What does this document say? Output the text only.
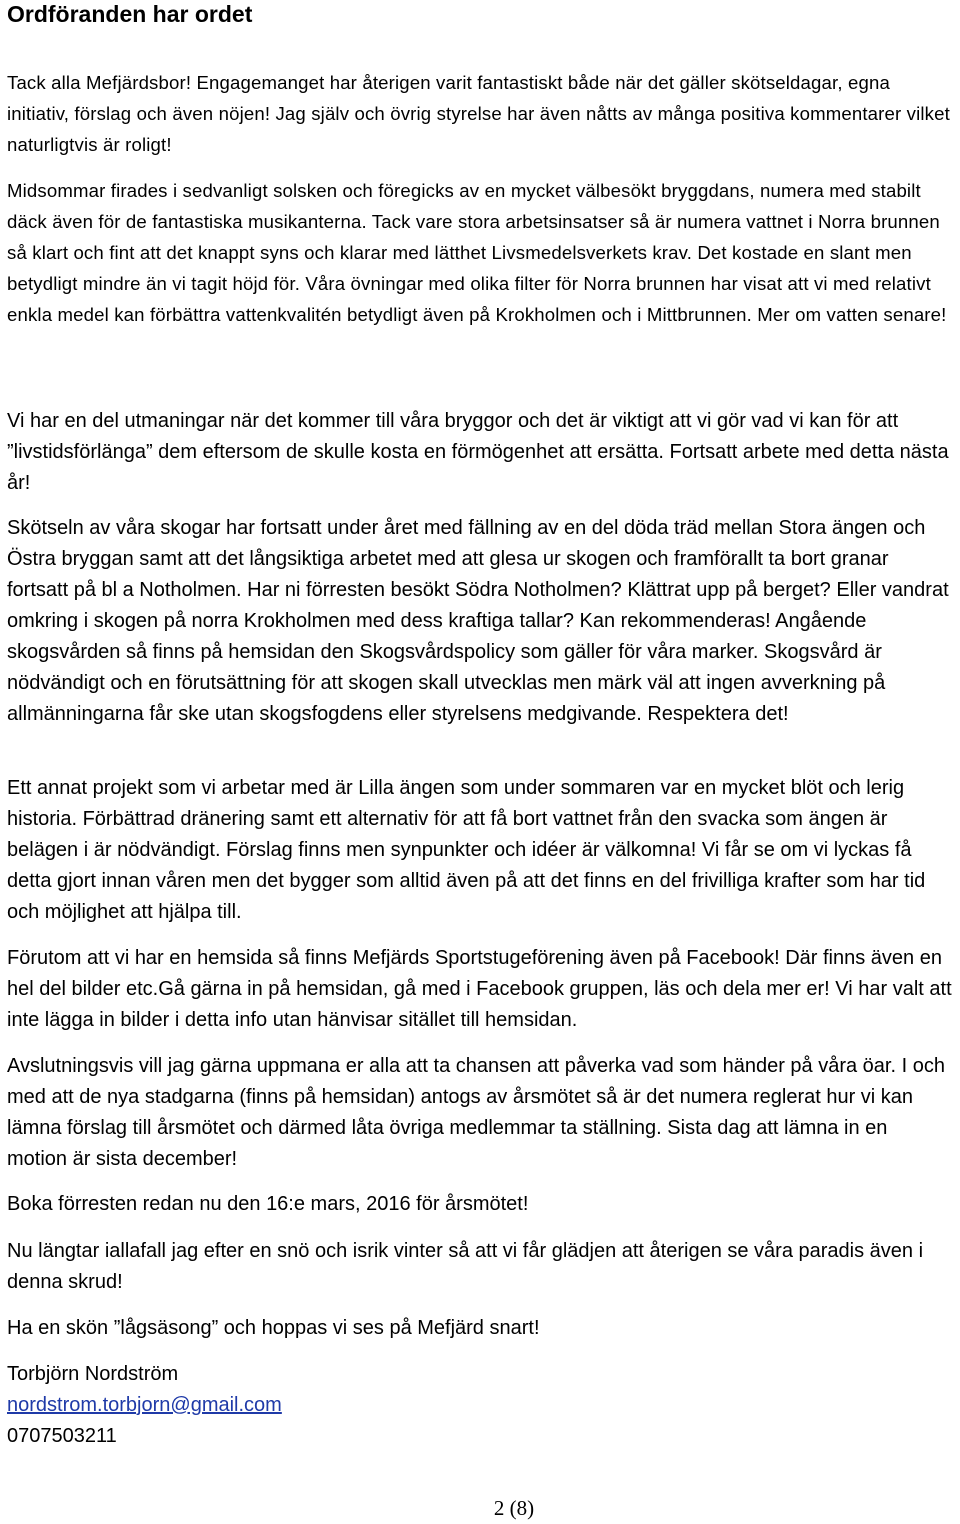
Ordföranden har ordet

Tack alla Mefjärdsbor! Engagemanget har återigen varit fantastiskt både när det gäller skötseldagar, egna initiativ, förslag och även nöjen! Jag själv och övrig styrelse har även nåtts av många positiva kommentarer vilket naturligtvis är roligt!

Midsommar firades i sedvanligt solsken och föregicks av en mycket välbesökt bryggdans, numera med stabilt däck även för de fantastiska musikanterna. Tack vare stora arbetsinsatser så är numera vattnet i Norra brunnen så klart och fint att det knappt syns och klarar med lätthet Livsmedelsverkets krav. Det kostade en slant men betydligt mindre än vi tagit höjd för. Våra övningar med olika filter för Norra brunnen har visat att vi med relativt enkla medel kan förbättra vattenkvalitén betydligt även på Krokholmen och i Mittbrunnen. Mer om vatten senare!

Vi har en del utmaningar när det kommer till våra bryggor och det är viktigt att vi gör vad vi kan för att ”livstidsförlänga” dem eftersom de skulle kosta en förmögenhet att ersätta. Fortsatt arbete med detta nästa år!

Skötseln av våra skogar har fortsatt under året med fällning av en del döda träd mellan Stora ängen och Östra bryggan samt att det långsiktiga arbetet med att glesa ur skogen och framförallt ta bort granar fortsatt på bl a Notholmen. Har ni förresten besökt Södra Notholmen? Klättrat upp på berget? Eller vandrat omkring i skogen på norra Krokholmen med dess kraftiga tallar? Kan rekommenderas! Angående skogsvården så finns på hemsidan den Skogsvårdspolicy som gäller för våra marker. Skogsvård är nödvändigt och en förutsättning för att skogen skall utvecklas men märk väl att ingen avverkning på allmänningarna får ske utan skogsfogdens eller styrelsens medgivande. Respektera det!

Ett annat projekt som vi arbetar med är Lilla ängen som under sommaren var en mycket blöt och lerig historia. Förbättrad dränering samt ett alternativ för att få bort vattnet från den svacka som ängen är belägen i är nödvändigt. Förslag finns men synpunkter och idéer är välkomna! Vi får se om vi lyckas få detta gjort innan våren men det bygger som alltid även på att det finns en del frivilliga krafter som har tid och möjlighet att hjälpa till.

Förutom att vi har en hemsida så finns Mefjärds Sportstugeförening även på Facebook! Där finns även en hel del bilder etc.Gå gärna in på hemsidan, gå med i Facebook gruppen, läs och dela mer er! Vi har valt att inte lägga in bilder i detta info utan hänvisar sitället till hemsidan.

Avslutningsvis vill jag gärna uppmana er alla att ta chansen att påverka vad som händer på våra öar. I och med att de nya stadgarna (finns på hemsidan) antogs av årsmötet så är det numera reglerat hur vi kan lämna förslag till årsmötet och därmed låta övriga medlemmar ta ställning. Sista dag att lämna in en motion är sista december!

Boka förresten redan nu den 16:e mars, 2016 för årsmötet!

Nu längtar iallafall jag efter en snö och isrik vinter så att vi får glädjen att återigen se våra paradis även i denna skrud!

Ha en skön ”lågsäsong” och hoppas vi ses på Mefjärd snart!

Torbjörn Nordström
nordstrom.torbjorn@gmail.com
0707503211
2 (8)
